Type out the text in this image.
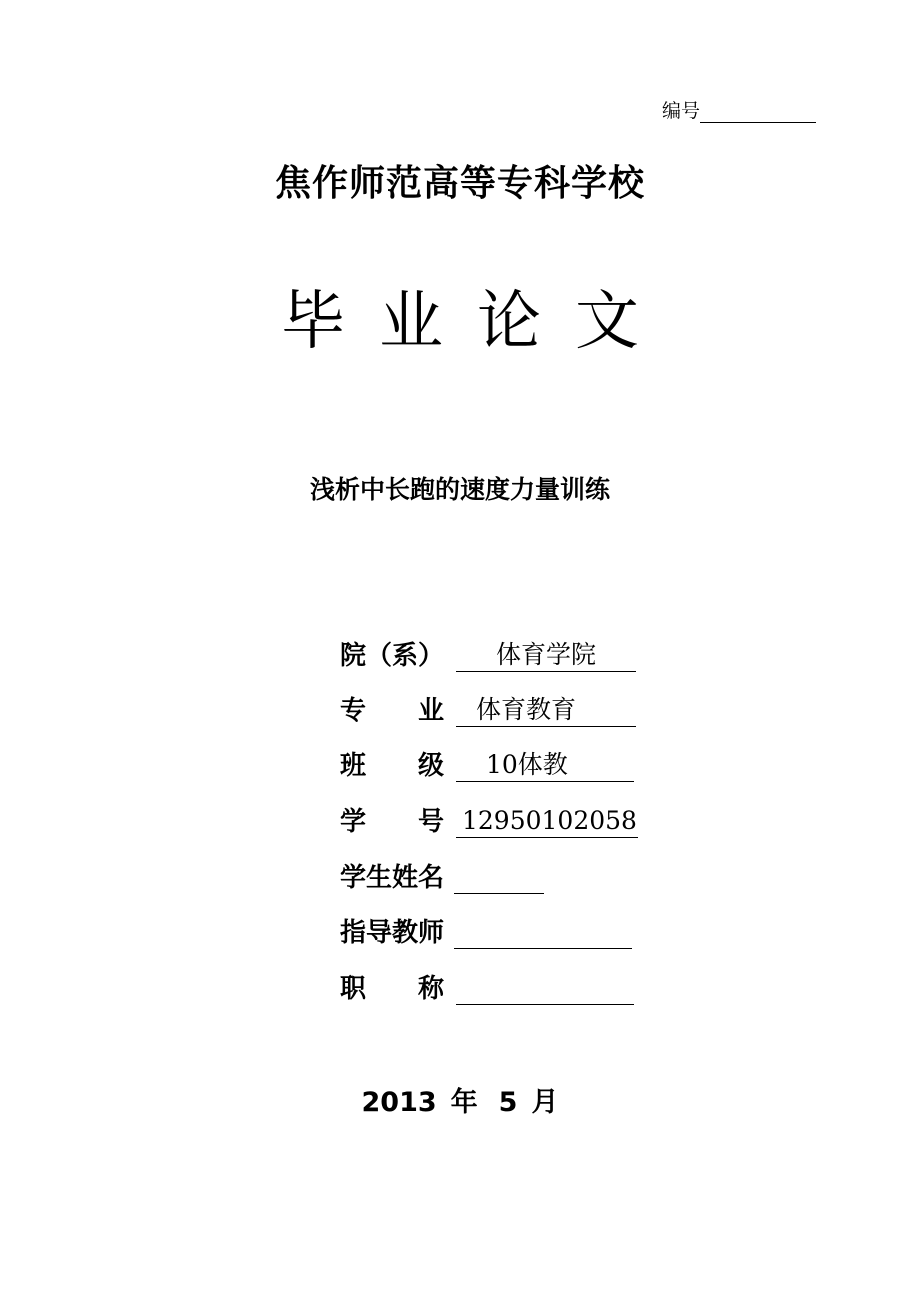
编号
焦作师范高等专科学校
毕业论文
浅析中长跑的速度力量训练
院（系） 体育学院
专　　业 体育教育
班　　级 10体教
学　　号 12950102058
学生姓名
指导教师
职　　称
2013 年 5 月
